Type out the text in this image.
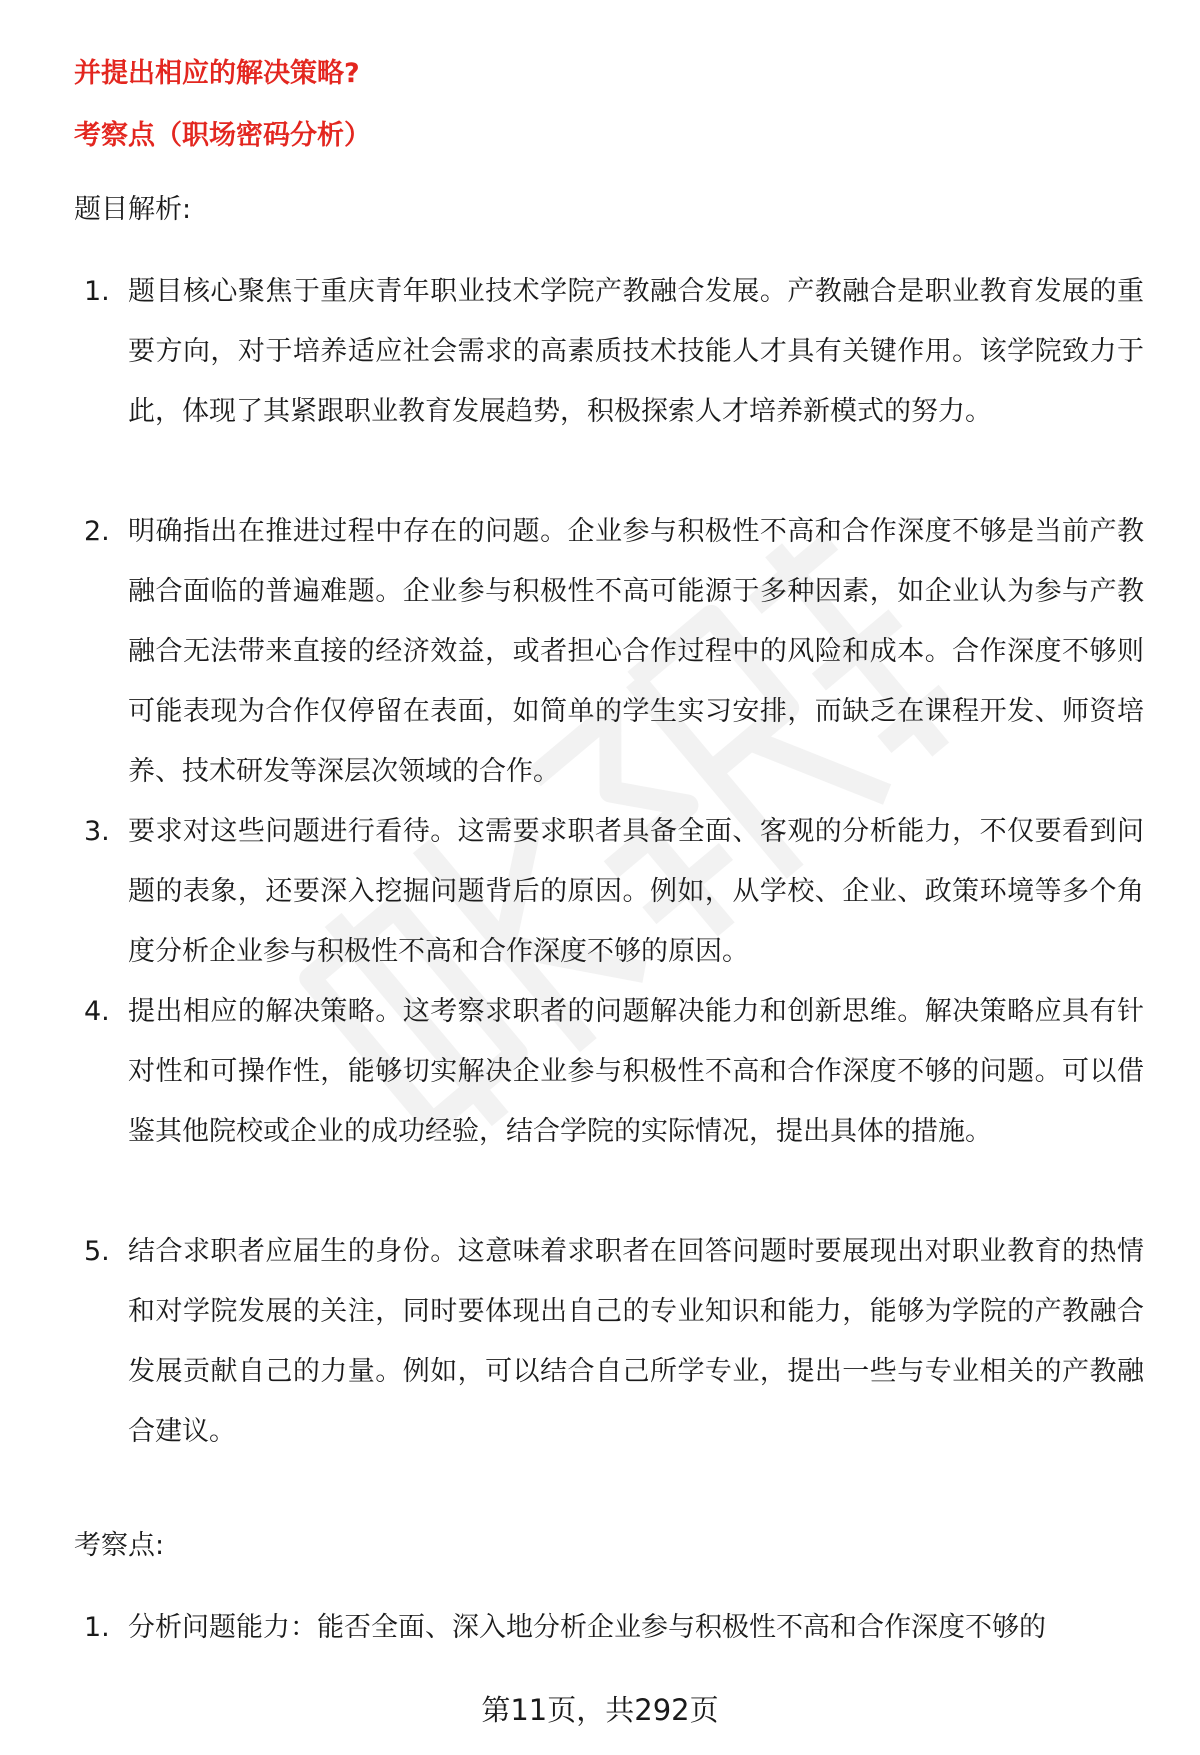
并提出相应的解决策略?
考察点（职场密码分析）
题目解析:
1. 题目核心聚焦于重庆青年职业技术学院产教融合发展。产教融合是职业教育发展的重要方向，对于培养适应社会需求的高素质技术技能人才具有关键作用。该学院致力于此，体现了其紧跟职业教育发展趋势，积极探索人才培养新模式的努力。
2. 明确指出在推进过程中存在的问题。企业参与积极性不高和合作深度不够是当前产教融合面临的普遍难题。企业参与积极性不高可能源于多种因素，如企业认为参与产教融合无法带来直接的经济效益，或者担心合作过程中的风险和成本。合作深度不够则可能表现为合作仅停留在表面，如简单的学生实习安排，而缺乏在课程开发、师资培养、技术研发等深层次领域的合作。
3. 要求对这些问题进行看待。这需要求职者具备全面、客观的分析能力，不仅要看到问题的表象，还要深入挖掘问题背后的原因。例如，从学校、企业、政策环境等多个角度分析企业参与积极性不高和合作深度不够的原因。
4. 提出相应的解决策略。这考察求职者的问题解决能力和创新思维。解决策略应具有针对性和可操作性，能够切实解决企业参与积极性不高和合作深度不够的问题。可以借鉴其他院校或企业的成功经验，结合学院的实际情况，提出具体的措施。
5. 结合求职者应届生的身份。这意味着求职者在回答问题时要展现出对职业教育的热情和对学院发展的关注，同时要体现出自己的专业知识和能力，能够为学院的产教融合发展贡献自己的力量。例如，可以结合自己所学专业，提出一些与专业相关的产教融合建议。
考察点:
1. 分析问题能力：能否全面、深入地分析企业参与积极性不高和合作深度不够的
第11页，共292页
